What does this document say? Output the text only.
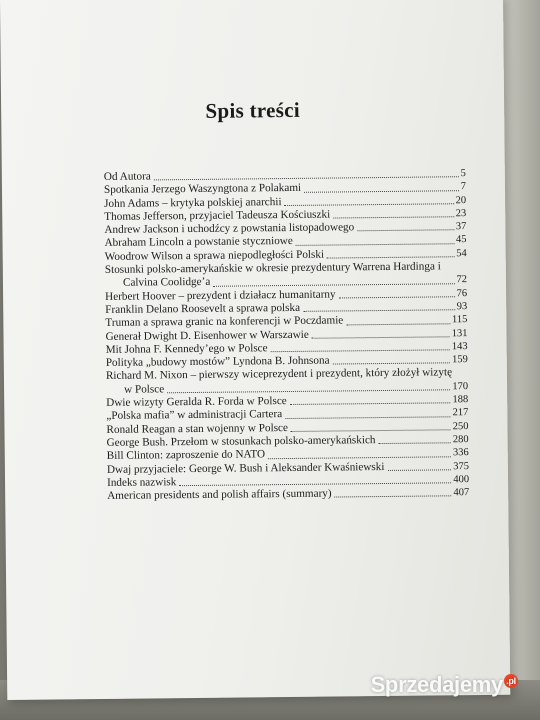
Spis treści
Od Autora	5
Spotkania Jerzego Waszyngtona z Polakami	7
John Adams – krytyka polskiej anarchii	20
Thomas Jefferson, przyjaciel Tadeusza Kościuszki	23
Andrew Jackson i uchodźcy z powstania listopadowego	37
Abraham Lincoln a powstanie styczniowe	45
Woodrow Wilson a sprawa niepodległości Polski	54
Stosunki polsko-amerykańskie w okresie prezydentury Warrena Hardinga i
Calvina Coolidge’a	72
Herbert Hoover – prezydent i działacz humanitarny	76
Franklin Delano Roosevelt a sprawa polska	93
Truman a sprawa granic na konferencji w Poczdamie	115
Generał Dwight D. Eisenhower w Warszawie	131
Mit Johna F. Kennedy’ego w Polsce	143
Polityka „budowy mostów” Lyndona B. Johnsona	159
Richard M. Nixon – pierwszy wiceprezydent i prezydent, który złożył wizytę
w Polsce	170
Dwie wizyty Geralda R. Forda w Polsce	188
„Polska mafia” w administracji Cartera	217
Ronald Reagan a stan wojenny w Polsce	250
George Bush. Przełom w stosunkach polsko-amerykańskich	280
Bill Clinton: zaproszenie do NATO	336
Dwaj przyjaciele: George W. Bush i Aleksander Kwaśniewski	375
Indeks nazwisk	400
American presidents and polish affairs (summary)	407
Sprzedajemy .pl
